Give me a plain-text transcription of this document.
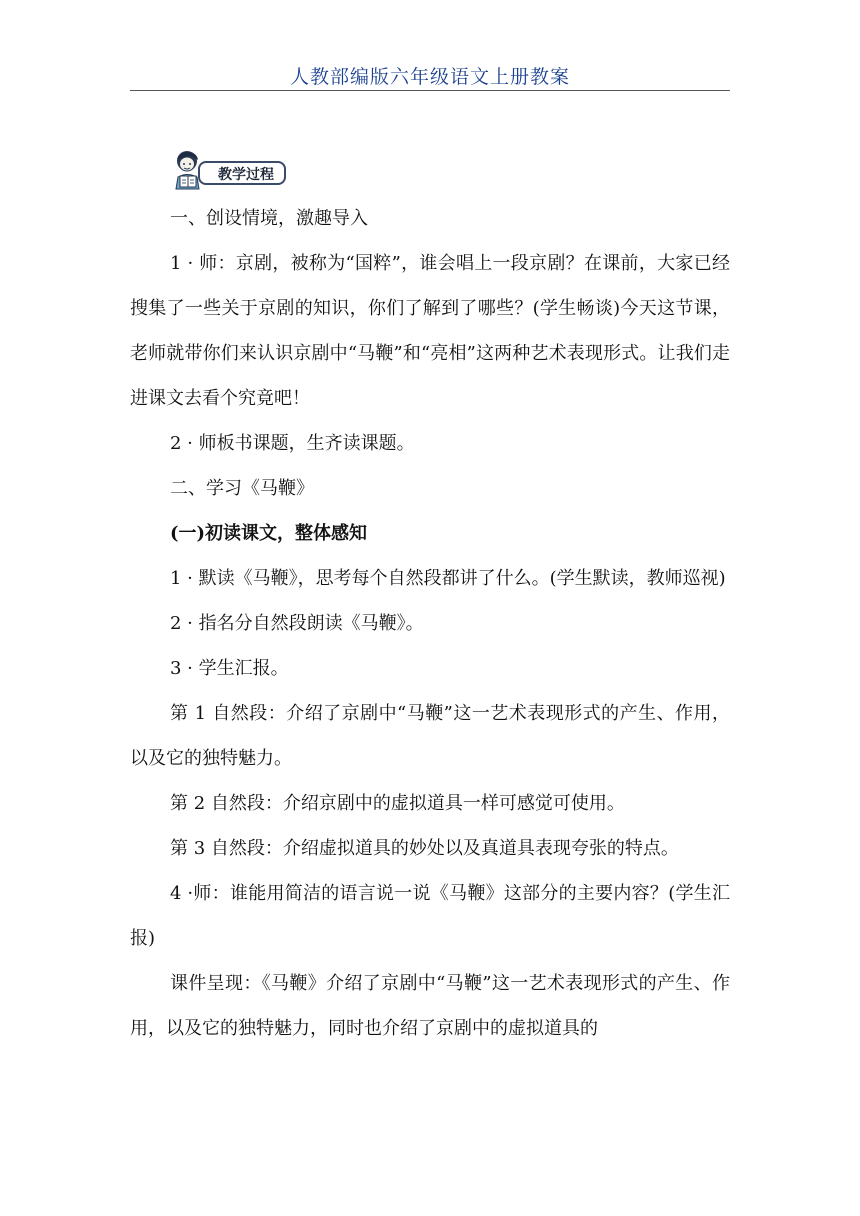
人教部编版六年级语文上册教案
教学过程

一、创设情境，激趣导入

1 · 师：京剧，被称为“国粹”，谁会唱上一段京剧？在课前，大家已经搜集了一些关于京剧的知识，你们了解到了哪些？(学生畅谈)今天这节课，老师就带你们来认识京剧中“马鞭”和“亮相”这两种艺术表现形式。让我们走进课文去看个究竟吧！

2 · 师板书课题，生齐读课题。

二、学习《马鞭》

(一)初读课文，整体感知

1 · 默读《马鞭》，思考每个自然段都讲了什么。(学生默读，教师巡视)

2 · 指名分自然段朗读《马鞭》。

3 · 学生汇报。

第 1 自然段：介绍了京剧中“马鞭”这一艺术表现形式的产生、作用，以及它的独特魅力。

第 2 自然段：介绍京剧中的虚拟道具一样可感觉可使用。

第 3 自然段：介绍虚拟道具的妙处以及真道具表现夸张的特点。

4 ·师：谁能用简洁的语言说一说《马鞭》这部分的主要内容？(学生汇报)

课件呈现：《马鞭》介绍了京剧中“马鞭”这一艺术表现形式的产生、作用，以及它的独特魅力，同时也介绍了京剧中的虚拟道具的
